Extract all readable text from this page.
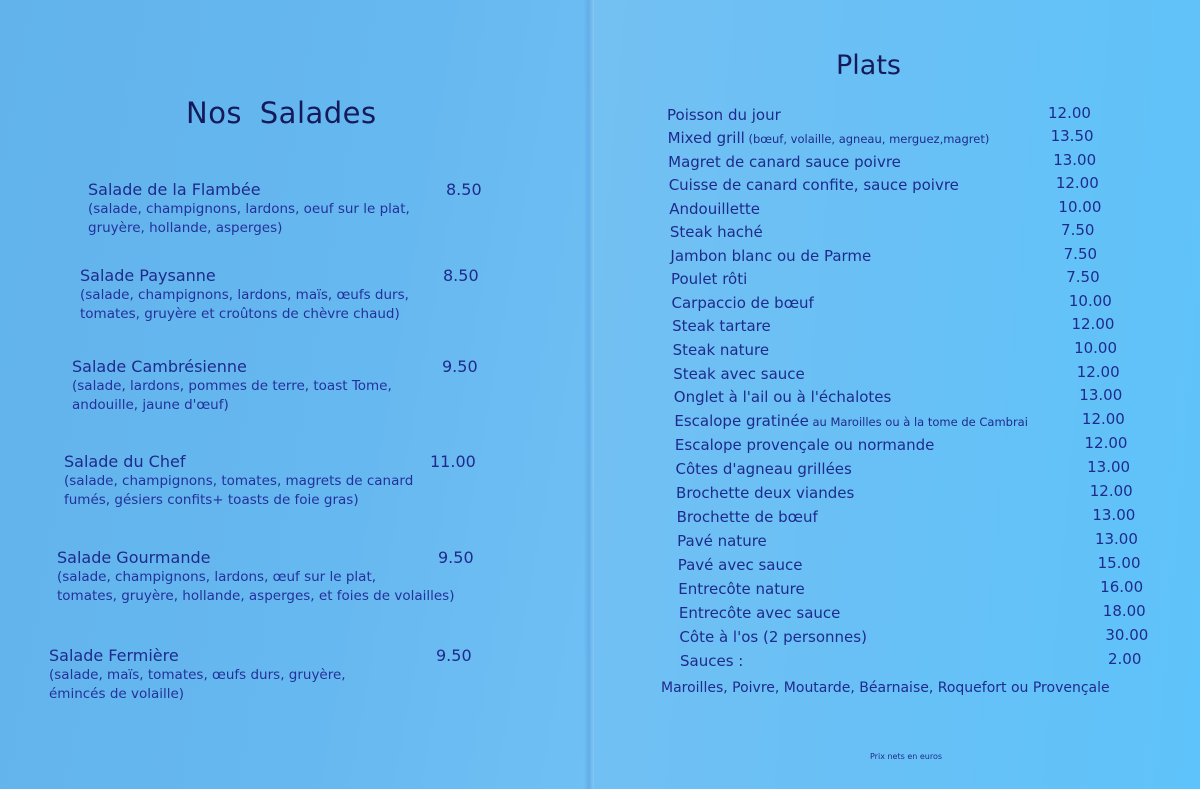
Nos Salades
Plats
Salade de la Flambée	8.50
(salade, champignons, lardons, oeuf sur le plat,
gruyère, hollande, asperges)
Salade Paysanne	8.50
(salade, champignons, lardons, maïs, œufs durs,
tomates, gruyère et croûtons de chèvre chaud)
Salade Cambrésienne	9.50
(salade, lardons, pommes de terre, toast Tome,
andouille, jaune d'œuf)
Salade du Chef	11.00
(salade, champignons, tomates, magrets de canard
fumés, gésiers confits+ toasts de foie gras)
Salade Gourmande	9.50
(salade, champignons, lardons, œuf sur le plat,
tomates, gruyère, hollande, asperges, et foies de volailles)
Salade Fermière	9.50
(salade, maïs, tomates, œufs durs, gruyère,
émincés de volaille)
Poisson du jour	12.00
Mixed grill (bœuf, volaille, agneau, merguez,magret)	13.50
Magret de canard sauce poivre	13.00
Cuisse de canard confite, sauce poivre	12.00
Andouillette	10.00
Steak haché	7.50
Jambon blanc ou de Parme	7.50
Poulet rôti	7.50
Carpaccio de bœuf	10.00
Steak tartare	12.00
Steak nature	10.00
Steak avec sauce	12.00
Onglet à l'ail ou à l'échalotes	13.00
Escalope gratinée au Maroilles ou à la tome de Cambrai	12.00
Escalope provençale ou normande	12.00
Côtes d'agneau grillées	13.00
Brochette deux viandes	12.00
Brochette de bœuf	13.00
Pavé nature	13.00
Pavé avec sauce	15.00
Entrecôte nature	16.00
Entrecôte avec sauce	18.00
Côte à l'os (2 personnes)	30.00
Sauces :	2.00
Maroilles, Poivre, Moutarde, Béarnaise, Roquefort ou Provençale
Prix nets en euros
